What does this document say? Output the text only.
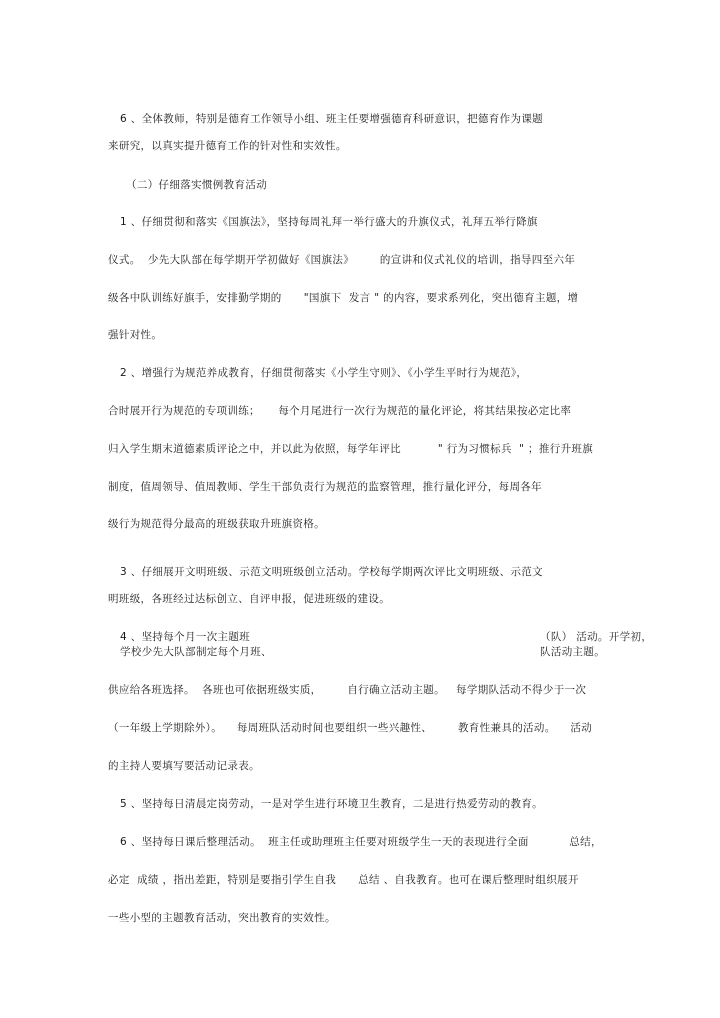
6 、全体教师，特别是德育工作领导小组、班主任要增强德育科研意识，把德育作为课题
来研究，以真实提升德育工作的针对性和实效性。
（二）仔细落实惯例教育活动
1 、仔细贯彻和落实《国旗法》，坚持每周礼拜一举行盛大的升旗仪式，礼拜五举行降旗
仪式。  少先大队部在每学期开学初做好《国旗法》       的宣讲和仪式礼仪的培训，指导四至六年
级各中队训练好旗手，安排勤学期的      "国旗下  发言 " 的内容，要求系列化，突出德育主题，增
强针对性。
2 、增强行为规范养成教育，仔细贯彻落实《小学生守则》、《小学生平时行为规范》，
合时展开行为规范的专项训练；     每个月尾进行一次行为规范的量化评论，将其结果按必定比率
归入学生期末道德素质评论之中，并以此为依照，每学年评比          " 行为习惯标兵  " ；推行升班旗
制度，值周领导、值周教师、学生干部负责行为规范的监察管理，推行量化评分，每周各年
级行为规范得分最高的班级获取升班旗资格。
3 、仔细展开文明班级、示范文明班级创立活动。学校每学期两次评比文明班级、示范文
明班级，各班经过达标创立、自评申报，促进班级的建设。
4 、坚持每个月一次主题班	（队） 活动。开学初，
学校少先大队部制定每个月班、	队活动主题。
供应给各班选择。  各班也可依据班级实质，       自行确立活动主题。   每学期队活动不得少于一次
（一年级上学期除外）。    每周班队活动时间也要组织一些兴趣性、       教育性兼具的活动。    活动
的主持人要填写要活动记录表。
5 、坚持每日清晨定岗劳动，一是对学生进行环境卫生教育，二是进行热爱劳动的教育。
6 、坚持每日课后整理活动。  班主任或助理班主任要对班级学生一天的表现进行全面           总结，
必定  成绩 ，指出差距，特别是要指引学生自我      总结 、自我教育。也可在课后整理时组织展开
一些小型的主题教育活动，突出教育的实效性。
